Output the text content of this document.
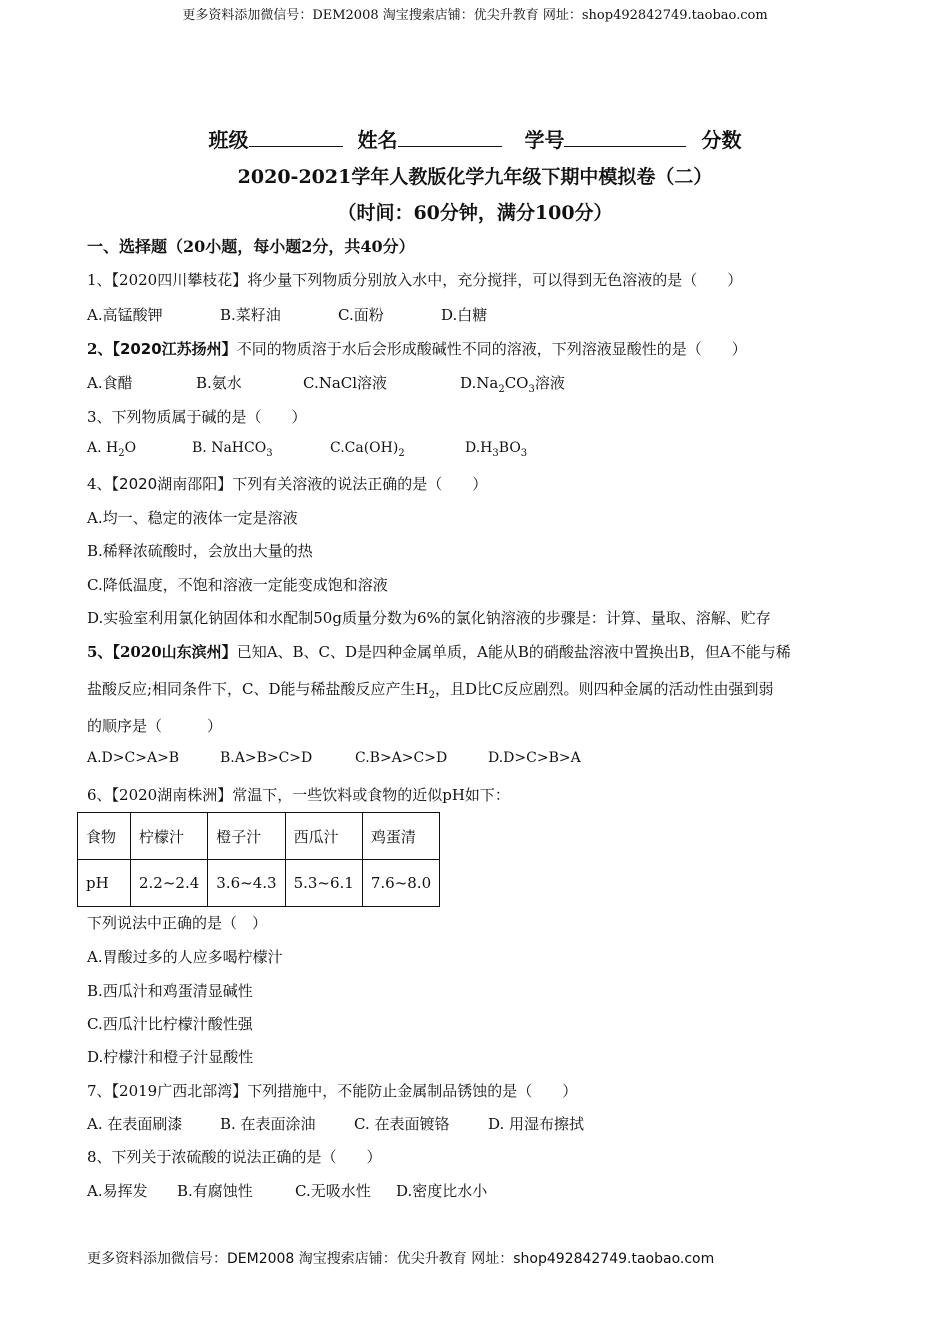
更多资料添加微信号：DEM2008 淘宝搜索店铺：优尖升教育 网址：shop492842749.taobao.com
班级	姓名	学号	分数
2020-2021学年人教版化学九年级下期中模拟卷（二）
（时间：60分钟，满分100分）
一、选择题（20小题，每小题2分，共40分）
1、【2020四川攀枝花】将少量下列物质分别放入水中，充分搅拌，可以得到无色溶液的是（　　）
A.高锰酸钾	B.菜籽油	C.面粉	D.白糖
2、【2020江苏扬州】不同的物质溶于水后会形成酸碱性不同的溶液，下列溶液显酸性的是（　　）
A.食醋	B.氨水	C.NaCl溶液	$D.Na_2CO_3$溶液
3、下列物质属于碱的是（　　）
A. $H_2O$	B. NaHCO$_3$	$C.Ca(OH)_2$	$D.H_3BO_3$
4、【2020湖南邵阳】下列有关溶液的说法正确的是（　　）
A.均一、稳定的液体一定是溶液
B.稀释浓硫酸时，会放出大量的热
C.降低温度，不饱和溶液一定能变成饱和溶液
D.实验室利用氯化钠固体和水配制50g质量分数为6%的氯化钠溶液的步骤是：计算、量取、溶解、贮存
5、【2020山东滨州】已知A、B、C、D是四种金属单质，A能从B的硝酸盐溶液中置换出B，但A不能与稀
盐酸反应;相同条件下，C、D能与稀盐酸反应产生$H_2$，且D比C反应剧烈。则四种金属的活动性由强到弱
的顺序是（　　　）
A.D>C>A>B	B.A>B>C>D	C.B>A>C>D	D.D>C>B>A
6、【2020湖南株洲】常温下，一些饮料或食物的近似pH如下：
食物	柠檬汁	橙子汁	西瓜汁	鸡蛋清
pH	2.2~2.4	3.6~4.3	5.3~6.1	7.6~8.0
下列说法中正确的是（　）
A.胃酸过多的人应多喝柠檬汁
B.西瓜汁和鸡蛋清显碱性
C.西瓜汁比柠檬汁酸性强
D.柠檬汁和橙子汁显酸性
7、【2019广西北部湾】下列措施中，不能防止金属制品锈蚀的是（　　）
A. 在表面刷漆	B. 在表面涂油	C. 在表面镀铬	D. 用湿布擦拭
8、下列关于浓硫酸的说法正确的是（　　）
A.易挥发 B.有腐蚀性	C.无吸水性 D.密度比水小
更多资料添加微信号：DEM2008 淘宝搜索店铺：优尖升教育 网址：shop492842749.taobao.com
